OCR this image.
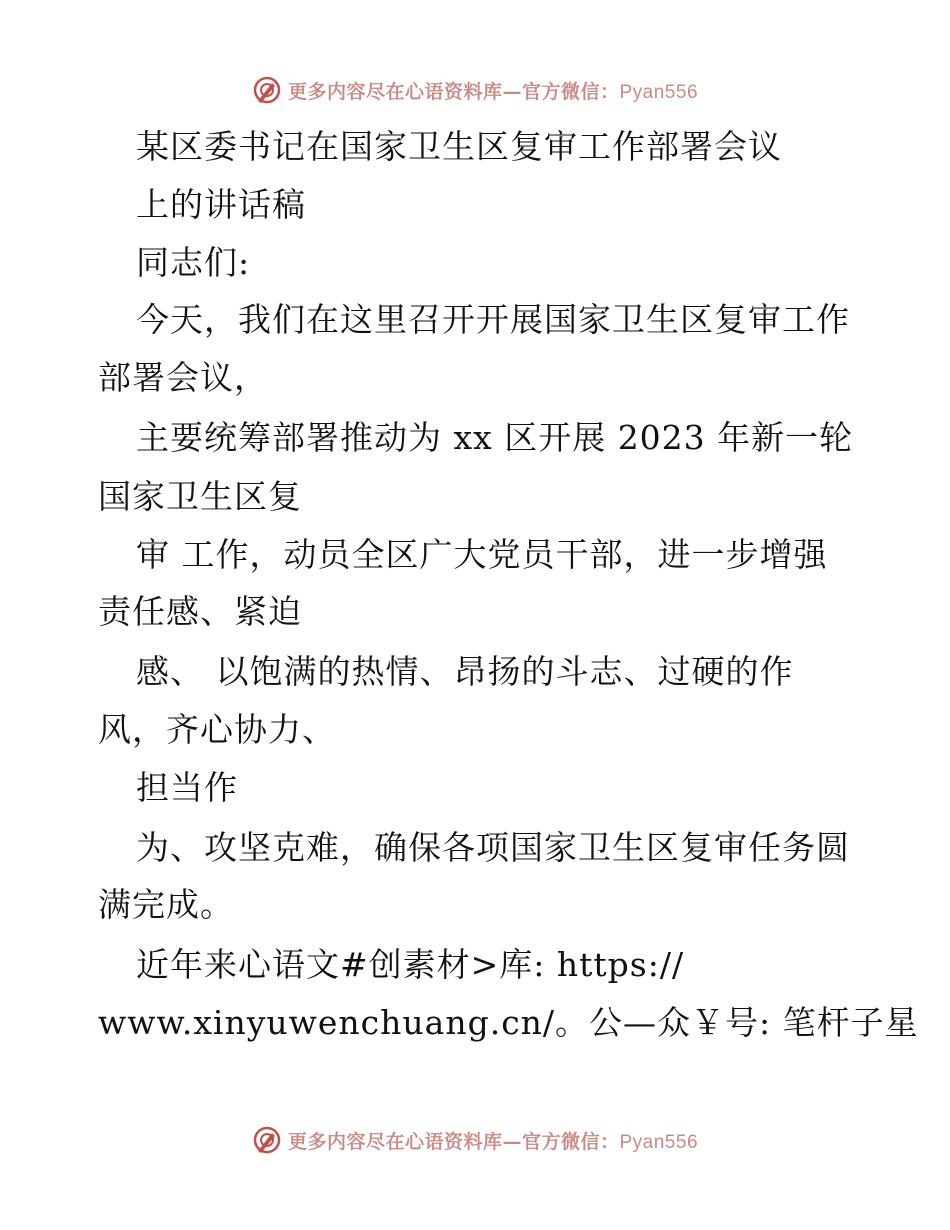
更多内容尽在心语资料库—官方微信：Pyan556
某区委书记在国家卫生区复审工作部署会议
上的讲话稿
同志们:
今天，我们在这里召开开展国家卫生区复审工作
部署会议，
主要统筹部署推动为 xx 区开展 2023 年新一轮
国家卫生区复
审 工作，动员全区广大党员干部，进一步增强
责任感、紧迫
感、 以饱满的热情、昂扬的斗志、过硬的作
风，齐心协力、
担当作
为、攻坚克难，确保各项国家卫生区复审任务圆
满完成。
近年来心语文#创素材>库: https://
www.xinyuwenchuang.cn/。公—众￥号: 笔杆子星
更多内容尽在心语资料库—官方微信：Pyan556
